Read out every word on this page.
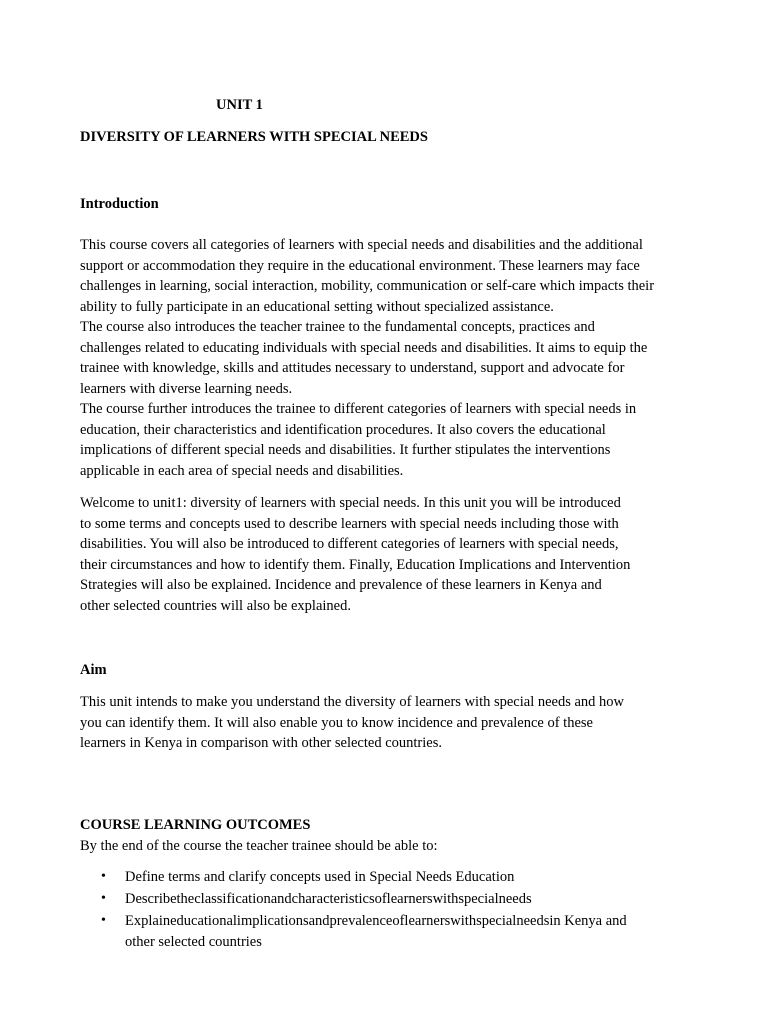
UNIT 1

DIVERSITY OF LEARNERS WITH SPECIAL NEEDS

Introduction

This course covers all categories of learners with special needs and disabilities and the additional
support or accommodation they require in the educational environment. These learners may face
challenges in learning, social interaction, mobility, communication or self-care which impacts their
ability to fully participate in an educational setting without specialized assistance.
The course also introduces the teacher trainee to the fundamental concepts, practices and
challenges related to educating individuals with special needs and disabilities. It aims to equip the
trainee with knowledge, skills and attitudes necessary to understand, support and advocate for
learners with diverse learning needs.
The course further introduces the trainee to different categories of learners with special needs in
education, their characteristics and identification procedures. It also covers the educational
implications of different special needs and disabilities. It further stipulates the interventions
applicable in each area of special needs and disabilities.
Welcome to unit1: diversity of learners with special needs. In this unit you will be introduced
to some terms and concepts used to describe learners with special needs including those with
disabilities. You will also be introduced to different categories of learners with special needs,
their circumstances and how to identify them. Finally, Education Implications and Intervention
Strategies will also be explained. Incidence and prevalence of these learners in Kenya and
other selected countries will also be explained.

Aim

This unit intends to make you understand the diversity of learners with special needs and how
you can identify them. It will also enable you to know incidence and prevalence of these
learners in Kenya in comparison with other selected countries.

COURSE LEARNING OUTCOMES

By the end of the course the teacher trainee should be able to:

• Define terms and clarify concepts used in Special Needs Education
• Describetheclassificationandcharacteristicsoflearnerswithspecialneeds
• Explaineducationalimplicationsandprevalenceoflearnerswithspecialneedsin Kenya and
other selected countries
